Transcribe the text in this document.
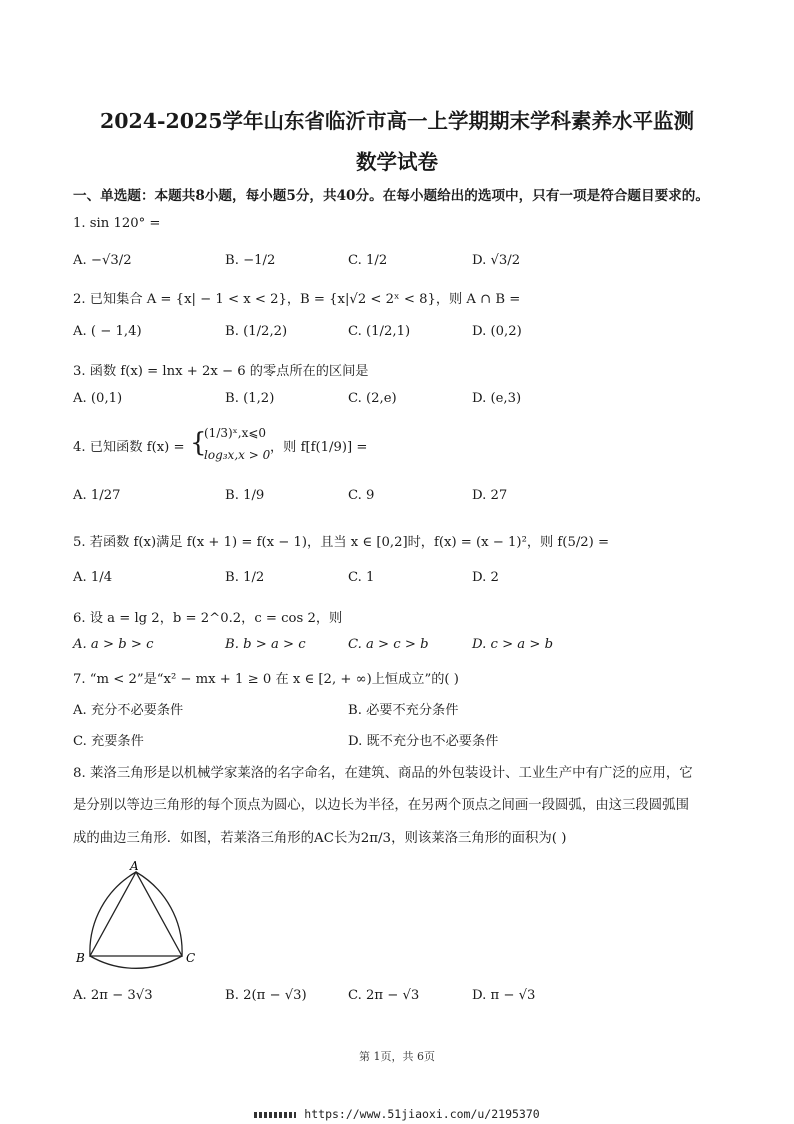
2024-2025学年山东省临沂市高一上学期期末学科素养水平监测
数学试卷
一、单选题：本题共8小题，每小题5分，共40分。在每小题给出的选项中，只有一项是符合题目要求的。
1. sin 120° =
A. −√3/2	B. −1/2	C. 1/2	D. √3/2
2. 已知集合 A = {x| − 1 < x < 2}，B = {x|√2 < 2ˣ < 8}，则 A ∩ B =
A. ( − 1,4)	B. (1/2,2)	C. (1/2,1)	D. (0,2)
3. 函数 f(x) = lnx + 2x − 6 的零点所在的区间是
A. (0,1)	B. (1,2)	C. (2,e)	D. (e,3)
4. 已知函数 f(x) = {
(1/3)ˣ,x⩽0
log₃x,x > 0 ，则 f[f(1/9)] =
A. 1/27	B. 1/9	C. 9	D. 27
5. 若函数 f(x)满足 f(x + 1) = f(x − 1)，且当 x ∈ [0,2]时，f(x) = (x − 1)²，则 f(5/2) =
A. 1/4	B. 1/2	C. 1	D. 2
6. 设 a = lg 2，b = 2^0.2，c = cos 2，则
A. a > b > c	B. b > a > c	C. a > c > b	D. c > a > b
7. “m < 2”是“x² − mx + 1 ≥ 0 在 x ∈ [2, + ∞)上恒成立”的( )
A. 充分不必要条件	B. 必要不充分条件
C. 充要条件	D. 既不充分也不必要条件
8. 莱洛三角形是以机械学家莱洛的名字命名，在建筑、商品的外包装设计、工业生产中有广泛的应用，它
是分别以等边三角形的每个顶点为圆心，以边长为半径，在另两个顶点之间画一段圆弧，由这三段圆弧围
成的曲边三角形．如图，若莱洛三角形的AC长为2π/3，则该莱洛三角形的面积为( )
A
B	C
A. 2π − 3√3	B. 2(π − √3)	C. 2π − √3	D. π − √3
第 1页，共 6页
https://www.51jiaoxi.com/u/2195370
